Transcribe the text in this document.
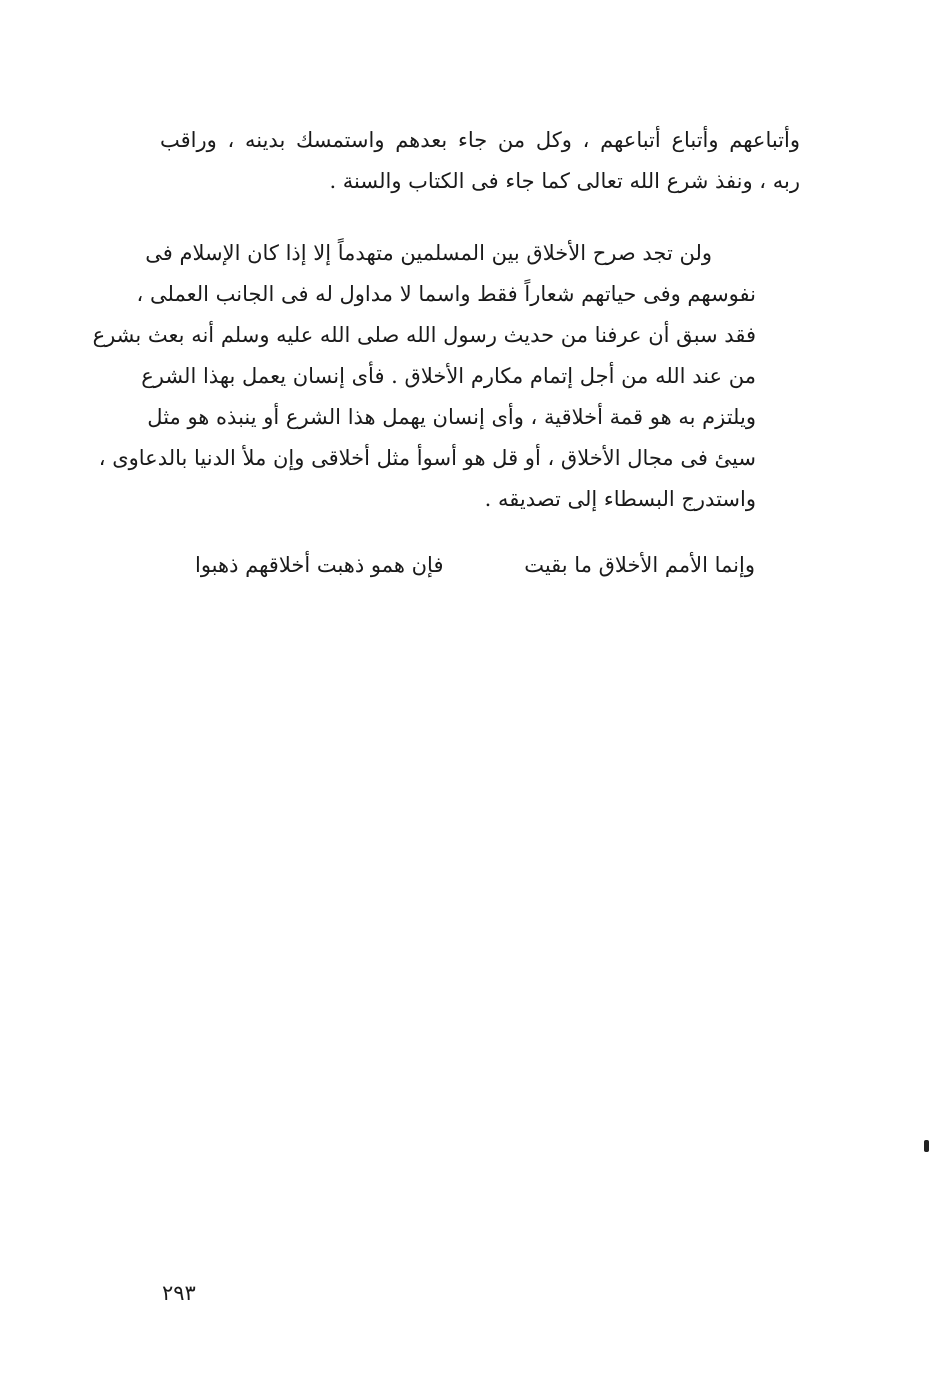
وأتباعهم وأتباع أتباعهم ، وكل من جاء بعدهم واستمسك بدينه ، وراقب
ربه ، ونفذ شرع الله تعالى كما جاء فى الكتاب والسنة .
ولن تجد صرح الأخلاق بين المسلمين متهدماً إلا إذا كان الإسلام فى
نفوسهم وفى حياتهم شعاراً فقط واسما لا مداول له فى الجانب العملى ،
فقد سبق أن عرفنا من حديث رسول الله صلى الله عليه وسلم أنه بعث بشرع
من عند الله من أجل إتمام مكارم الأخلاق . فأى إنسان يعمل بهذا الشرع
ويلتزم به هو قمة أخلاقية ، وأى إنسان يهمل هذا الشرع أو ينبذه هو مثل
سيئ فى مجال الأخلاق ، أو قل هو أسوأ مثل أخلاقى وإن ملأ الدنيا بالدعاوى ،
واستدرج البسطاء إلى تصديقه .
وإنما الأمم الأخلاق ما بقيت
فإن همو ذهبت أخلاقهم ذهبوا
٢٩٣
